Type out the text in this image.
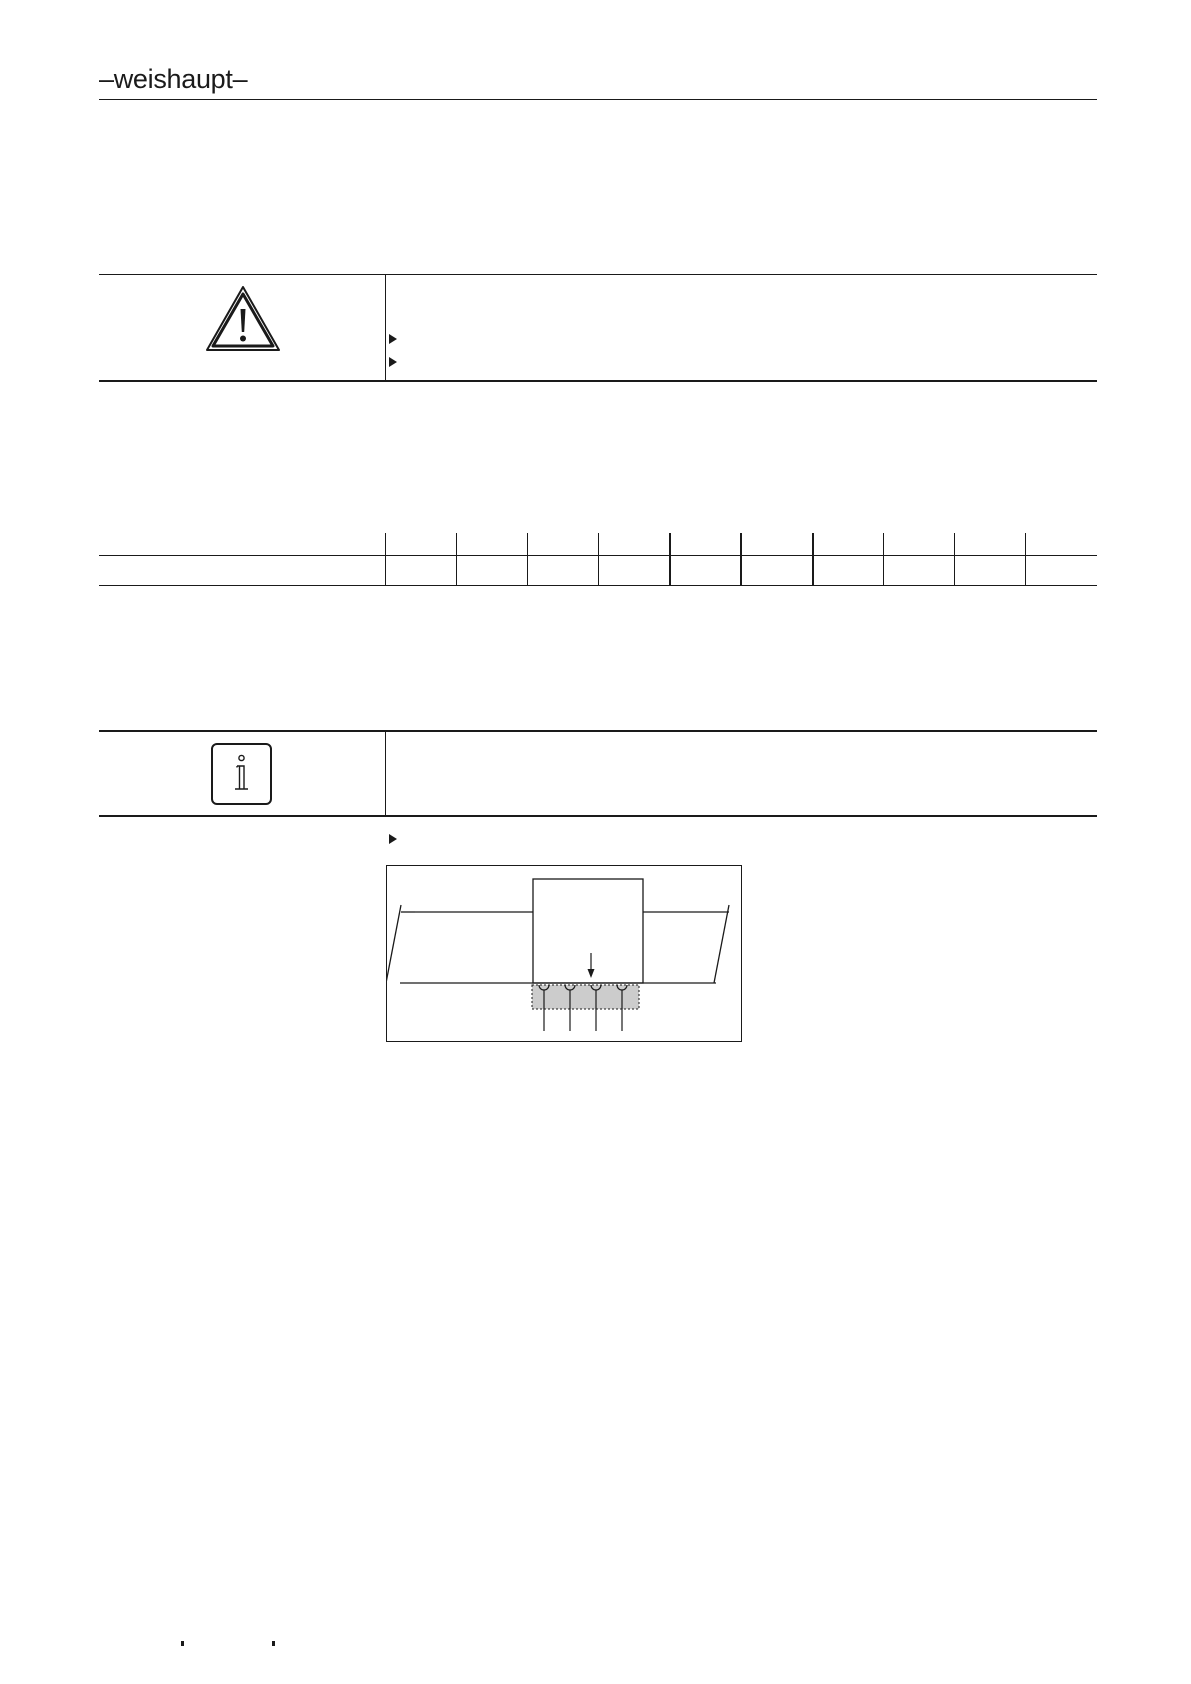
–weishaupt–
